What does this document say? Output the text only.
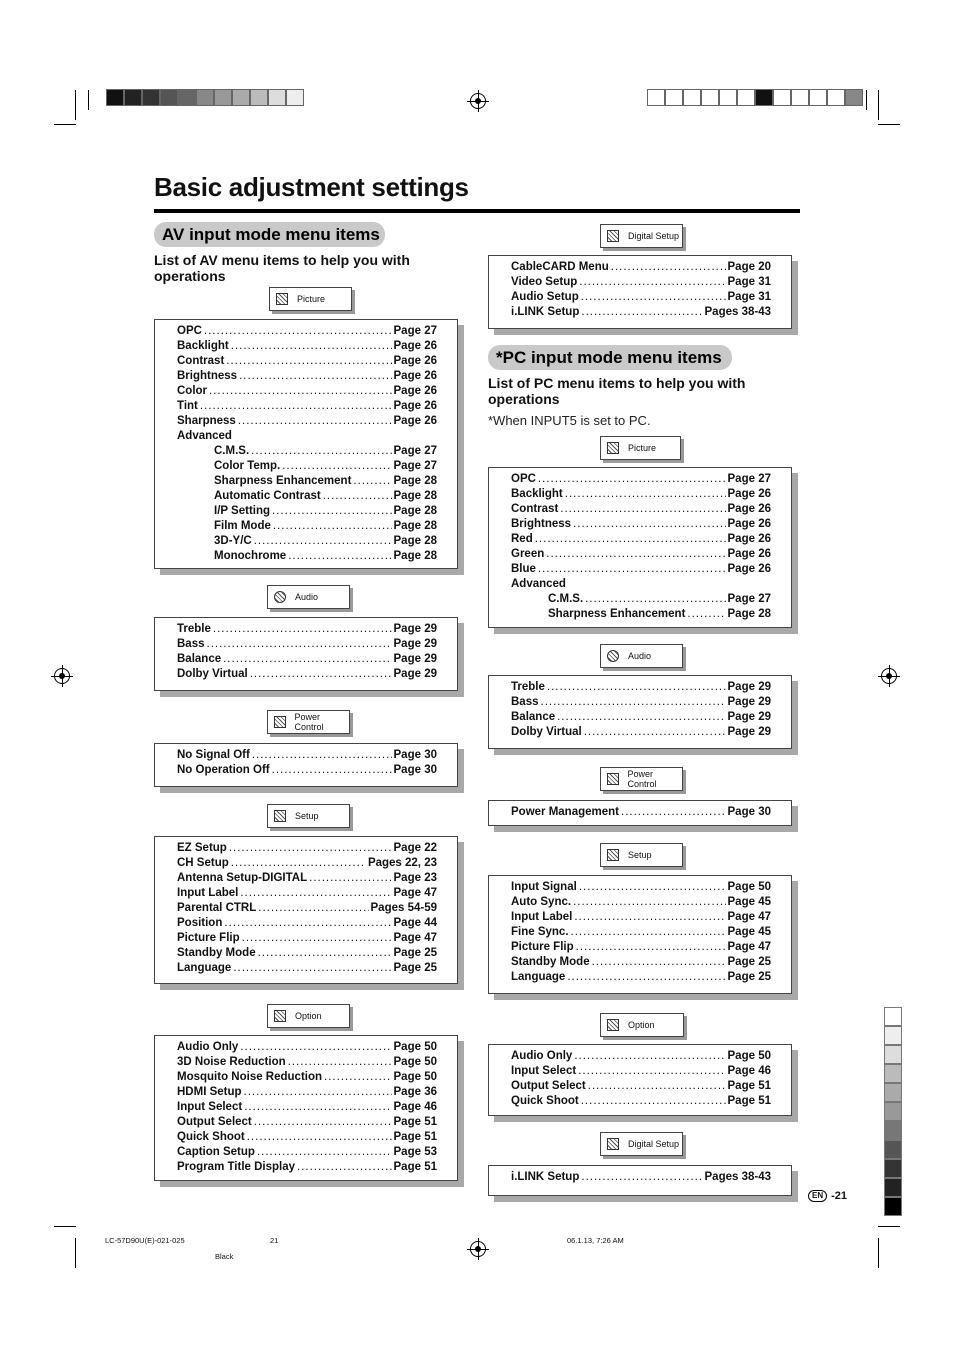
Basic adjustment settings
AV input mode menu items
List of AV menu items to help you with operations
*PC input mode menu items
List of PC menu items to help you with operations
*When INPUT5 is set to PC.
Picture
OPC .....	Page 27
Backlight .....	Page 26
Contrast .....	Page 26
Brightness .....	Page 26
Color .....	Page 26
Tint .....	Page 26
Sharpness .....	Page 26
Advanced
C.M.S. .....	Page 27
Color Temp. .....	Page 27
Sharpness Enhancement .....	Page 28
Automatic Contrast .....	Page 28
I/P Setting .....	Page 28
Film Mode .....	Page 28
3D-Y/C .....	Page 28
Monochrome .....	Page 28
Audio
Treble .....	Page 29
Bass .....	Page 29
Balance .....	Page 29
Dolby Virtual .....	Page 29
Power Control
No Signal Off .....	Page 30
No Operation Off .....	Page 30
Setup
EZ Setup .....	Page 22
CH Setup .....	Pages 22, 23
Antenna Setup-DIGITAL .....	Page 23
Input Label .....	Page 47
Parental CTRL .....	Pages 54-59
Position .....	Page 44
Picture Flip .....	Page 47
Standby Mode .....	Page 25
Language .....	Page 25
Option
Audio Only .....	Page 50
3D Noise Reduction .....	Page 50
Mosquito Noise Reduction .....	Page 50
HDMI Setup .....	Page 36
Input Select .....	Page 46
Output Select .....	Page 51
Quick Shoot .....	Page 51
Caption Setup .....	Page 53
Program Title Display .....	Page 51
Digital Setup
CableCARD Menu .....	Page 20
Video Setup .....	Page 31
Audio Setup .....	Page 31
i.LINK Setup .....	Pages 38-43
Picture
OPC .....	Page 27
Backlight .....	Page 26
Contrast .....	Page 26
Brightness .....	Page 26
Red .....	Page 26
Green .....	Page 26
Blue .....	Page 26
Advanced
C.M.S. .....	Page 27
Sharpness Enhancement .....	Page 28
Audio
Treble .....	Page 29
Bass .....	Page 29
Balance .....	Page 29
Dolby Virtual .....	Page 29
Power Control
Power Management .....	Page 30
Setup
Input Signal .....	Page 50
Auto Sync. .....	Page 45
Input Label .....	Page 47
Fine Sync. .....	Page 45
Picture Flip .....	Page 47
Standby Mode .....	Page 25
Language .....	Page 25
Option
Audio Only .....	Page 50
Input Select .....	Page 46
Output Select .....	Page 51
Quick Shoot .....	Page 51
Digital Setup
i.LINK Setup .....	Pages 38-43
EN -21
LC-57D90U(E)-021-025	21	06.1.13, 7:26 AM
Black
